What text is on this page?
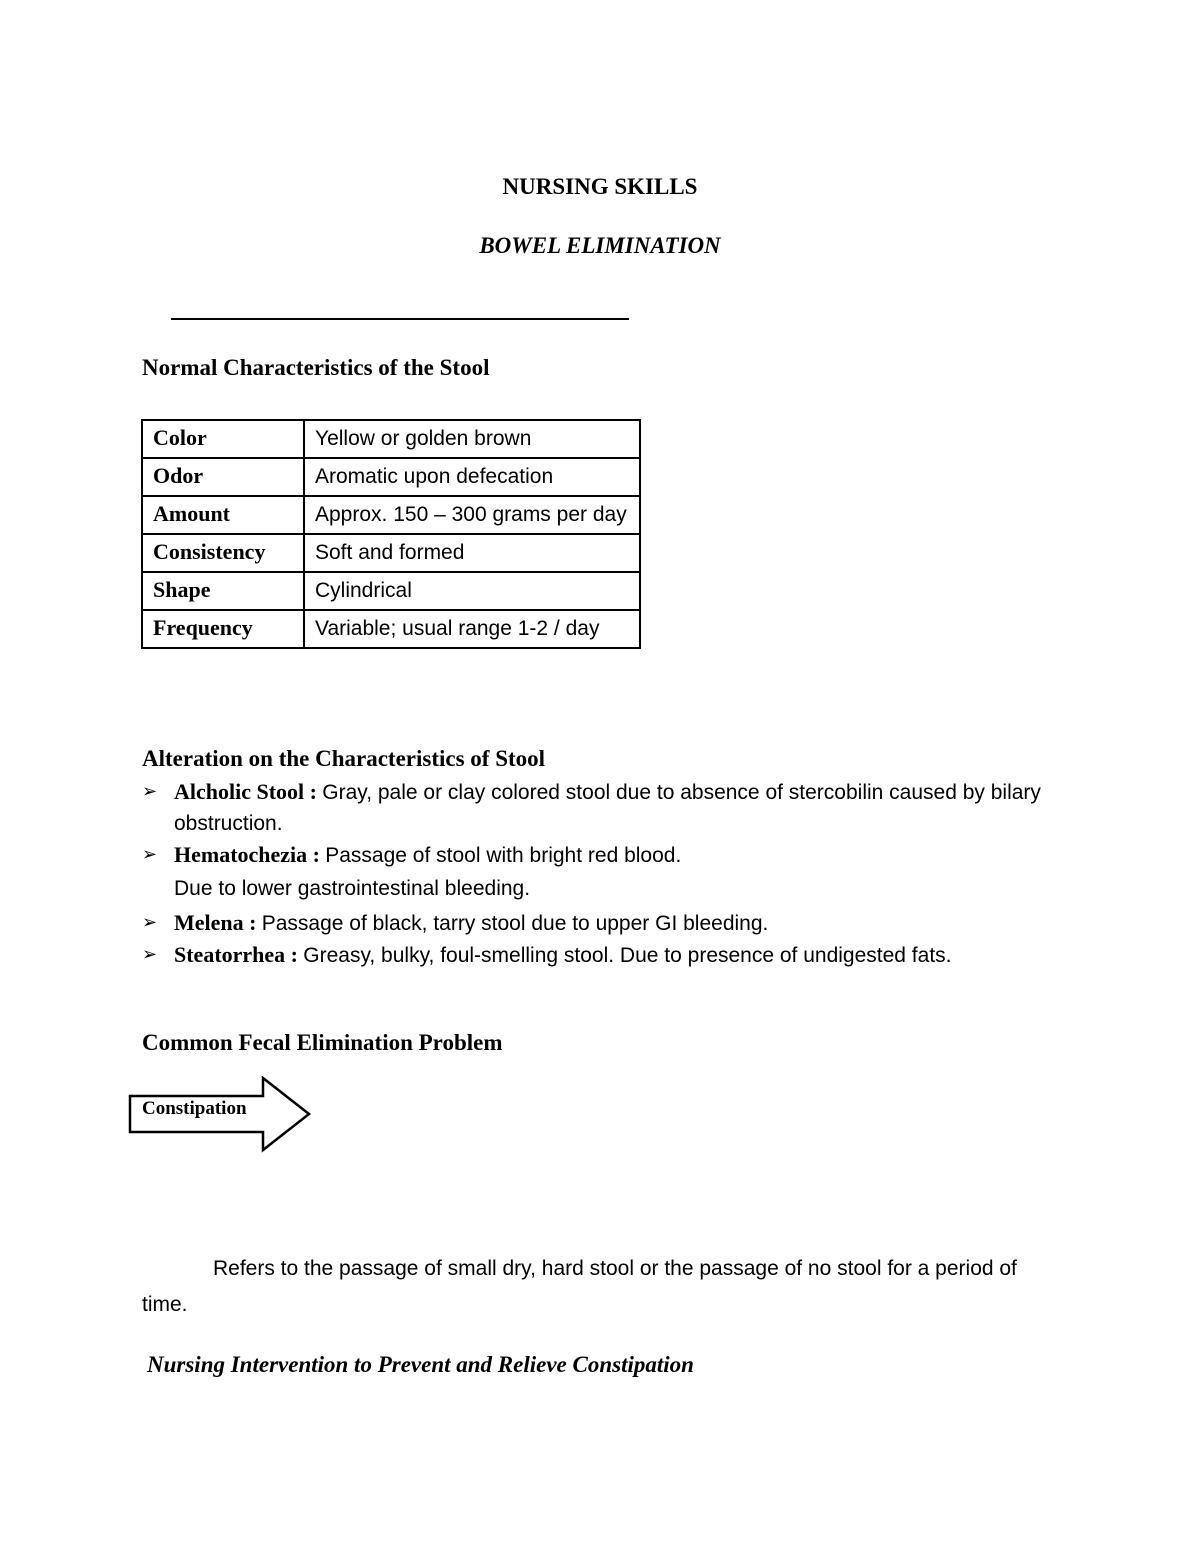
NURSING SKILLS
BOWEL ELIMINATION
Normal Characteristics of the Stool
Color	Yellow or golden brown
Odor	Aromatic upon defecation
Amount	Approx. 150 – 300 grams per day
Consistency	Soft and formed
Shape	Cylindrical
Frequency	Variable; usual range 1-2 / day
Alteration on the Characteristics of Stool
➢ Alcholic Stool : Gray, pale or clay colored stool due to absence of stercobilin caused by bilary obstruction.
➢ Hematochezia : Passage of stool with bright red blood.
Due to lower gastrointestinal bleeding.
➢ Melena : Passage of black, tarry stool due to upper GI bleeding.
➢ Steatorrhea : Greasy, bulky, foul-smelling stool. Due to presence of undigested fats.
Common Fecal Elimination Problem
Constipation
Refers to the passage of small dry, hard stool or the passage of no stool for a period of time.
Nursing Intervention to Prevent and Relieve Constipation
